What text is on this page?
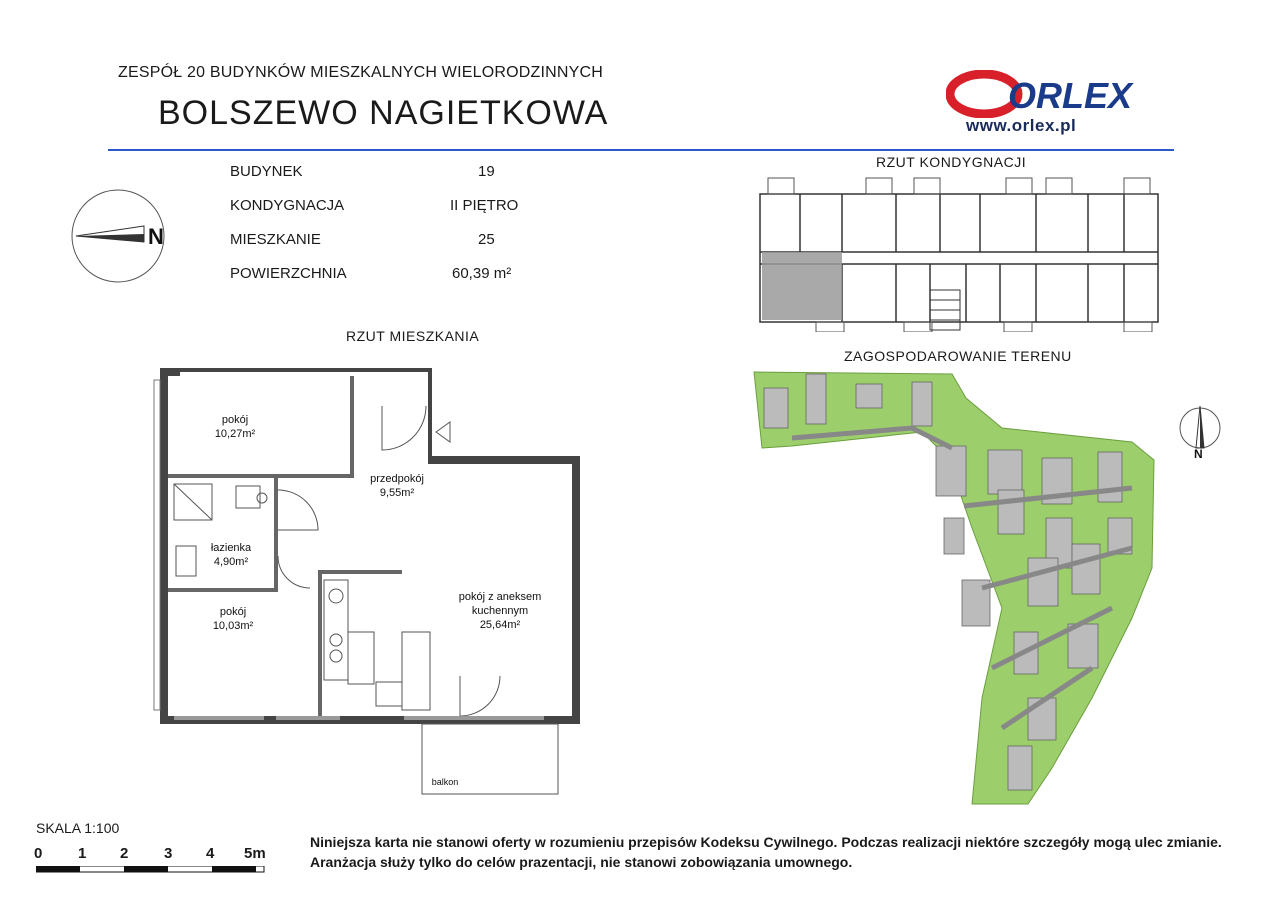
ZESPÓŁ 20 BUDYNKÓW MIESZKALNYCH WIELORODZINNYCH
BOLSZEWO NAGIETKOWA	ORLEX
www.orlex.pl
BUDYNEK	19
KONDYGNACJA	II PIĘTRO
MIESZKANIE	25
POWIERZCHNIA	60,39 m²
N
RZUT MIESZKANIA
RZUT KONDYGNACJI
ZAGOSPODAROWANIE TERENU
pokój
10,27m²
przedpokój
9,55m²
łazienka
4,90m²
pokój
10,03m²
pokój z aneksem
kuchennym
25,64m²
balkon
N
SKALA 1:100
0 1 2 3 4 5m
Niniejsza karta nie stanowi oferty w rozumieniu przepisów Kodeksu Cywilnego. Podczas realizacji niektóre szczegóły mogą ulec zmianie.
Aranżacja służy tylko do celów prazentacji, nie stanowi zobowiązania umownego.
